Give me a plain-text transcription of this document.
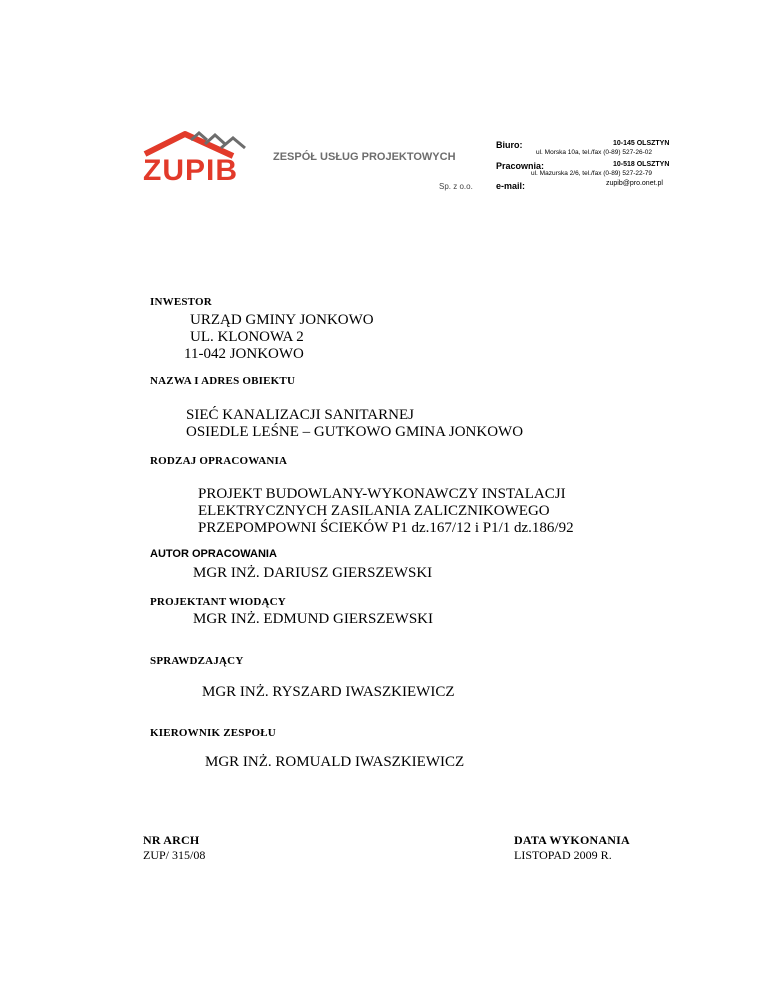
ZUPIB	ZESPÓŁ USŁUG PROJEKTOWYCH
Sp. z o.o.
Biuro:	10-145 OLSZTYN
ul. Morska 10a, tel./fax (0-89) 527-26-02
Pracownia:	10-518 OLSZTYN
ul. Mazurska 2/6, tel./fax (0-89) 527-22-79
e-mail:	zupib@pro.onet.pl
INWESTOR
URZĄD GMINY JONKOWO
UL. KLONOWA 2
11-042 JONKOWO
NAZWA I ADRES OBIEKTU
SIEĆ KANALIZACJI SANITARNEJ
OSIEDLE LEŚNE – GUTKOWO GMINA JONKOWO
RODZAJ OPRACOWANIA
PROJEKT BUDOWLANY-WYKONAWCZY INSTALACJI
ELEKTRYCZNYCH ZASILANIA ZALICZNIKOWEGO
PRZEPOMPOWNI ŚCIEKÓW P1 dz.167/12 i P1/1 dz.186/92
AUTOR OPRACOWANIA
MGR INŻ. DARIUSZ GIERSZEWSKI
PROJEKTANT WIODĄCY
MGR INŻ. EDMUND GIERSZEWSKI
SPRAWDZAJĄCY
MGR INŻ. RYSZARD IWASZKIEWICZ
KIEROWNIK ZESPOŁU
MGR INŻ. ROMUALD IWASZKIEWICZ
NR ARCH
ZUP/ 315/08
DATA WYKONANIA
LISTOPAD 2009 R.
